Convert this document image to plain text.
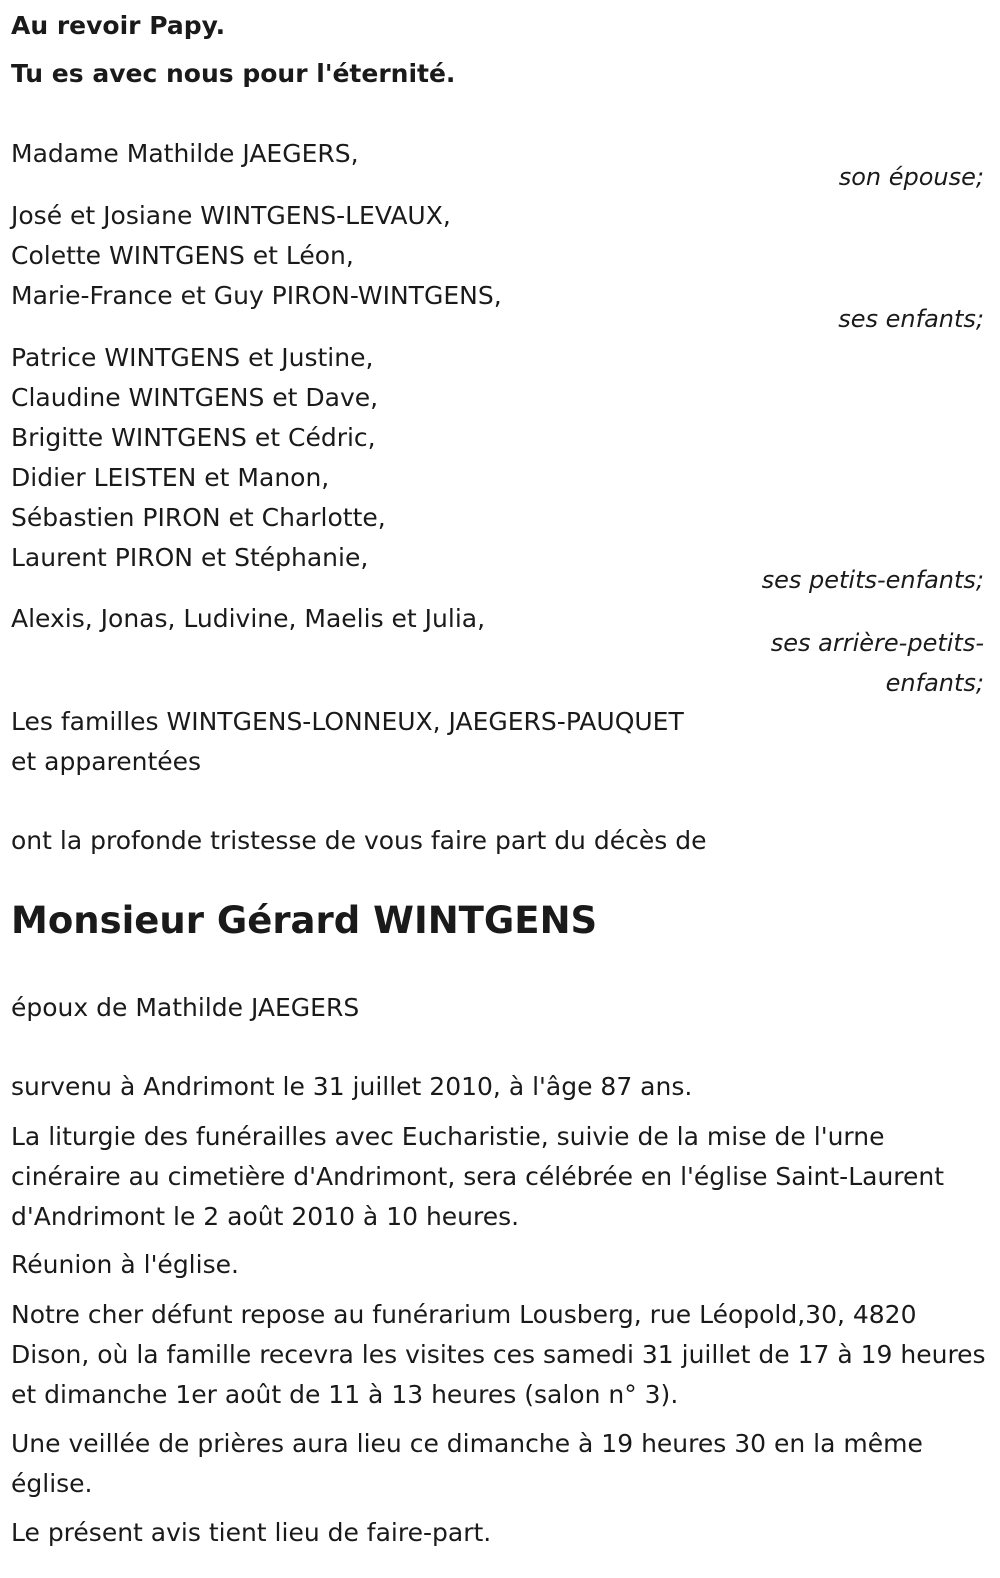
Au revoir Papy.
Tu es avec nous pour l'éternité.
Madame Mathilde JAEGERS,
son épouse;
José et Josiane WINTGENS-LEVAUX,
Colette WINTGENS et Léon,
Marie-France et Guy PIRON-WINTGENS,
ses enfants;
Patrice WINTGENS et Justine,
Claudine WINTGENS et Dave,
Brigitte WINTGENS et Cédric,
Didier LEISTEN et Manon,
Sébastien PIRON et Charlotte,
Laurent PIRON et Stéphanie,
ses petits-enfants;
Alexis, Jonas, Ludivine, Maelis et Julia,
ses arrière-petits-
enfants;
Les familles WINTGENS-LONNEUX, JAEGERS-PAUQUET
et apparentées
ont la profonde tristesse de vous faire part du décès de
Monsieur Gérard WINTGENS
époux de Mathilde JAEGERS
survenu à Andrimont le 31 juillet 2010, à l'âge 87 ans.
La liturgie des funérailles avec Eucharistie, suivie de la mise de l'urne cinéraire au cimetière d'Andrimont, sera célébrée en l'église Saint-Laurent d'Andrimont le 2 août 2010 à 10 heures.
Réunion à l'église.
Notre cher défunt repose au funérarium Lousberg, rue Léopold,30, 4820 Dison, où la famille recevra les visites ces samedi 31 juillet de 17 à 19 heures et dimanche 1er août de 11 à 13 heures (salon n° 3).
Une veillée de prières aura lieu ce dimanche à 19 heures 30 en la même église.
Le présent avis tient lieu de faire-part.
